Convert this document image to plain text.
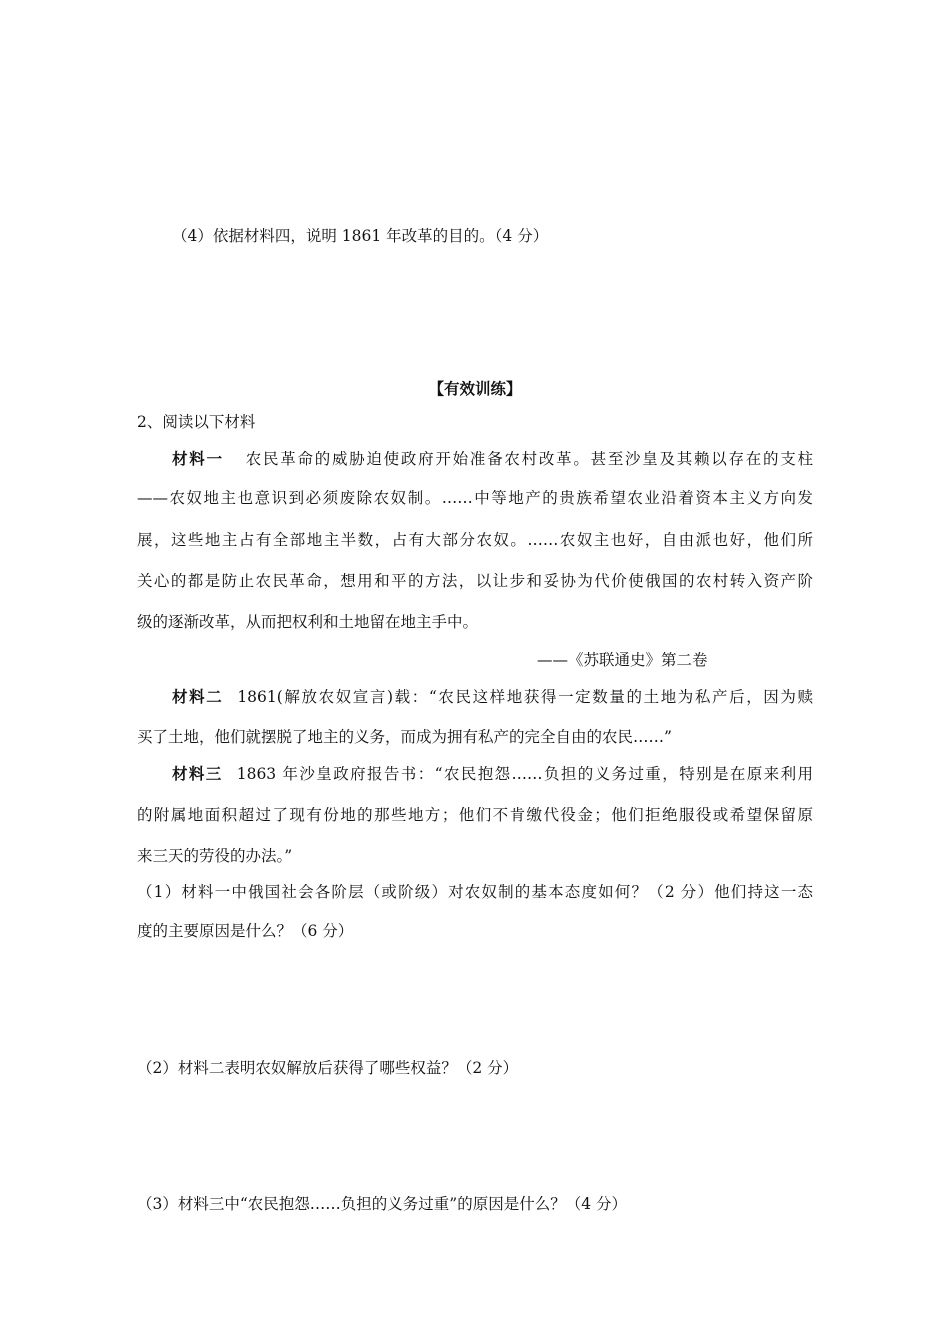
（4）依据材料四，说明 1861 年改革的目的。（4 分）
【有效训练】
2、阅读以下材料
材料一 农民革命的威胁迫使政府开始准备农村改革。甚至沙皇及其赖以存在的支柱
——农奴地主也意识到必须废除农奴制。……中等地产的贵族希望农业沿着资本主义方向发
展，这些地主占有全部地主半数，占有大部分农奴。……农奴主也好，自由派也好，他们所
关心的都是防止农民革命，想用和平的方法，以让步和妥协为代价使俄国的农村转入资产阶
级的逐渐改革，从而把权利和土地留在地主手中。
——《苏联通史》第二卷
材料二 1861(解放农奴宣言)载：“农民这样地获得一定数量的土地为私产后，因为赎
买了土地，他们就摆脱了地主的义务，而成为拥有私产的完全自由的农民……”
材料三 1863 年沙皇政府报告书：“农民抱怨……负担的义务过重，特别是在原来利用
的附属地面积超过了现有份地的那些地方；他们不肯缴代役金；他们拒绝服役或希望保留原
来三天的劳役的办法。”
（1）材料一中俄国社会各阶层（或阶级）对农奴制的基本态度如何？（2 分）他们持这一态
度的主要原因是什么？（6 分）
（2）材料二表明农奴解放后获得了哪些权益？（2 分）
（3）材料三中“农民抱怨……负担的义务过重”的原因是什么？（4 分）
